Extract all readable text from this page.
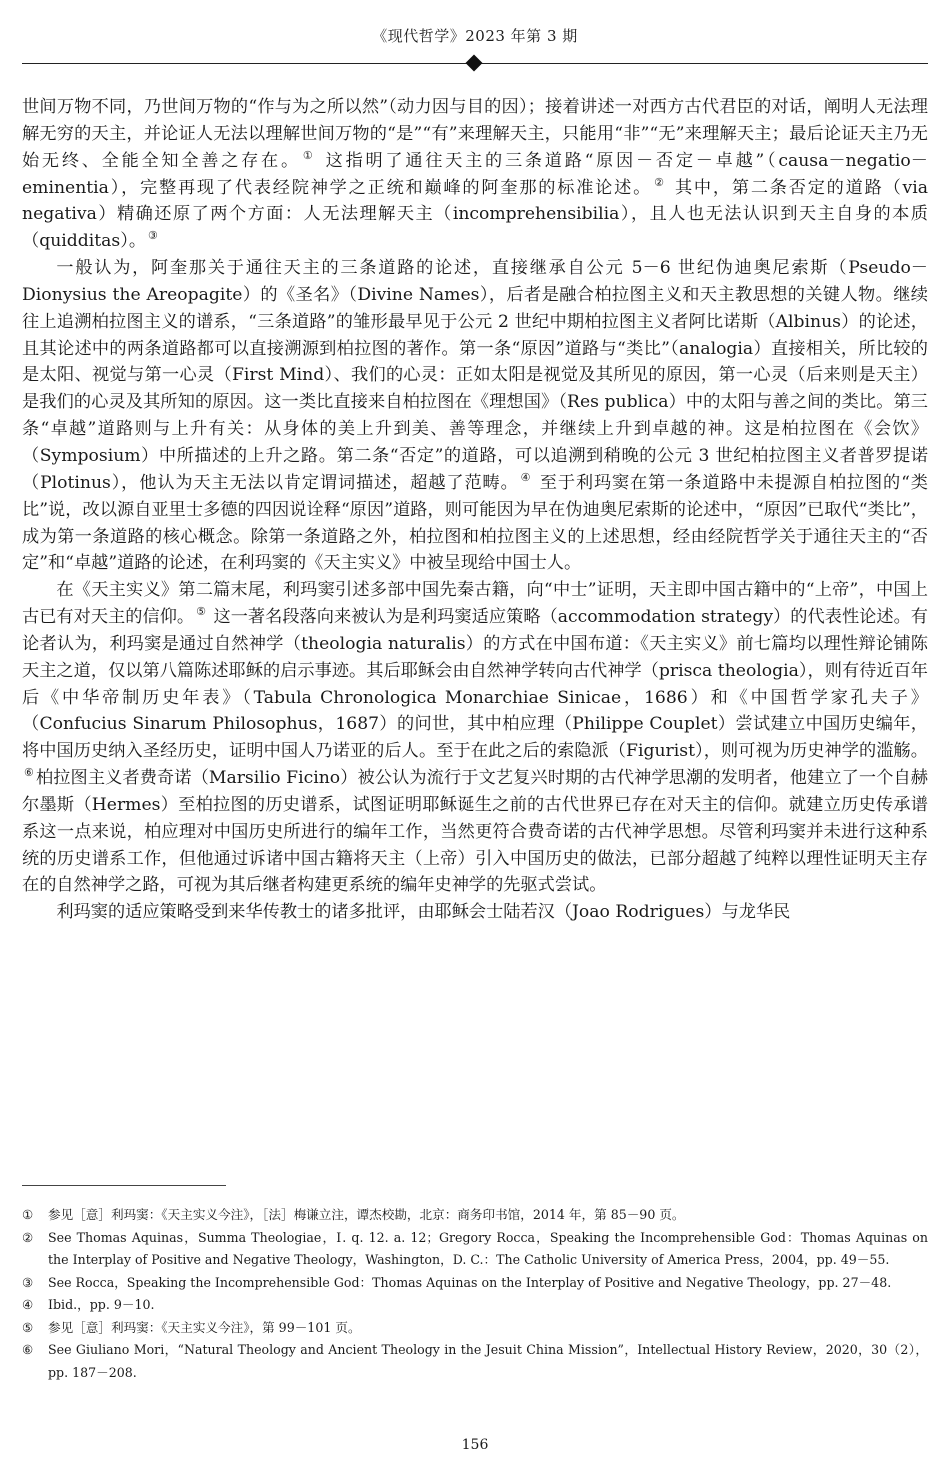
《现代哲学》2023 年第 3 期

世间万物不同，乃世间万物的“作与为之所以然”（动力因与目的因）；接着讲述一对西方古代君臣的对话，阐明人无法理解无穷的天主，并论证人无法以理解世间万物的“是”“有”来理解天主，只能用“非”“无”来理解天主；最后论证天主乃无始无终、全能全知全善之存在。 ① 这指明了通往天主的三条道路“原因－否定－卓越”（causa－negatio－eminentia），完整再现了代表经院神学之正统和巅峰的阿奎那的标准论述。 ② 其中，第二条否定的道路（via negativa）精确还原了两个方面：人无法理解天主（incomprehensibilia），且人也无法认识到天主自身的本质（quidditas）。 ③

一般认为，阿奎那关于通往天主的三条道路的论述，直接继承自公元 5－6 世纪伪迪奥尼索斯（Pseudo－Dionysius the Areopagite）的《圣名》（Divine Names），后者是融合柏拉图主义和天主教思想的关键人物。继续往上追溯柏拉图主义的谱系，“三条道路”的雏形最早见于公元 2 世纪中期柏拉图主义者阿比诺斯（Albinus）的论述，且其论述中的两条道路都可以直接溯源到柏拉图的著作。第一条“原因”道路与“类比”（analogia）直接相关，所比较的是太阳、视觉与第一心灵（First Mind）、我们的心灵：正如太阳是视觉及其所见的原因，第一心灵（后来则是天主）是我们的心灵及其所知的原因。这一类比直接来自柏拉图在《理想国》（Res publica）中的太阳与善之间的类比。第三条“卓越”道路则与上升有关：从身体的美上升到美、善等理念，并继续上升到卓越的神。这是柏拉图在《会饮》（Symposium）中所描述的上升之路。第二条“否定”的道路，可以追溯到稍晚的公元 3 世纪柏拉图主义者普罗提诺（Plotinus），他认为天主无法以肯定谓词描述，超越了范畴。 ④ 至于利玛窦在第一条道路中未提源自柏拉图的“类比”说，改以源自亚里士多德的四因说诠释“原因”道路，则可能因为早在伪迪奥尼索斯的论述中，“原因”已取代“类比”，成为第一条道路的核心概念。除第一条道路之外，柏拉图和柏拉图主义的上述思想，经由经院哲学关于通往天主的“否定”和“卓越”道路的论述，在利玛窦的《天主实义》中被呈现给中国士人。

在《天主实义》第二篇末尾，利玛窦引述多部中国先秦古籍，向“中士”证明，天主即中国古籍中的“上帝”，中国上古已有对天主的信仰。 ⑤ 这一著名段落向来被认为是利玛窦适应策略（accommodation strategy）的代表性论述。有论者认为，利玛窦是通过自然神学（theologia naturalis）的方式在中国布道：《天主实义》前七篇均以理性辩论铺陈天主之道，仅以第八篇陈述耶稣的启示事迹。其后耶稣会由自然神学转向古代神学（prisca theologia），则有待近百年后《中华帝制历史年表》（Tabula Chronologica Monarchiae Sinicae，1686）和《中国哲学家孔夫子》（Confucius Sinarum Philosophus，1687）的问世，其中柏应理（Philippe Couplet）尝试建立中国历史编年，将中国历史纳入圣经历史，证明中国人乃诺亚的后人。至于在此之后的索隐派（Figurist），则可视为历史神学的滥觞。⑥ 柏拉图主义者费奇诺（Marsilio Ficino）被公认为流行于文艺复兴时期的古代神学思潮的发明者，他建立了一个自赫尔墨斯（Hermes）至柏拉图的历史谱系，试图证明耶稣诞生之前的古代世界已存在对天主的信仰。就建立历史传承谱系这一点来说，柏应理对中国历史所进行的编年工作，当然更符合费奇诺的古代神学思想。尽管利玛窦并未进行这种系统的历史谱系工作，但他通过诉诸中国古籍将天主（上帝）引入中国历史的做法，已部分超越了纯粹以理性证明天主存在的自然神学之路，可视为其后继者构建更系统的编年史神学的先驱式尝试。

利玛窦的适应策略受到来华传教士的诸多批评，由耶稣会士陆若汉（Joao Rodrigues）与龙华民

①	参见［意］利玛窦：《天主实义今注》，［法］梅谦立注，谭杰校勘，北京：商务印书馆，2014 年，第 85－90 页。
②	See Thomas Aquinas，Summa Theologiae，Ⅰ. q. 12. a. 12；Gregory Rocca，Speaking the Incomprehensible God：Thomas Aquinas on the Interplay of Positive and Negative Theology，Washington，D. C.：The Catholic University of America Press，2004，pp. 49－55.
③	See Rocca，Speaking the Incomprehensible God：Thomas Aquinas on the Interplay of Positive and Negative Theology，pp. 27－48.
④	Ibid.，pp. 9－10.
⑤	参见［意］利玛窦：《天主实义今注》，第 99－101 页。
⑥	See Giuliano Mori，“Natural Theology and Ancient Theology in the Jesuit China Mission”，Intellectual History Review，2020，30（2），pp. 187－208.
156
